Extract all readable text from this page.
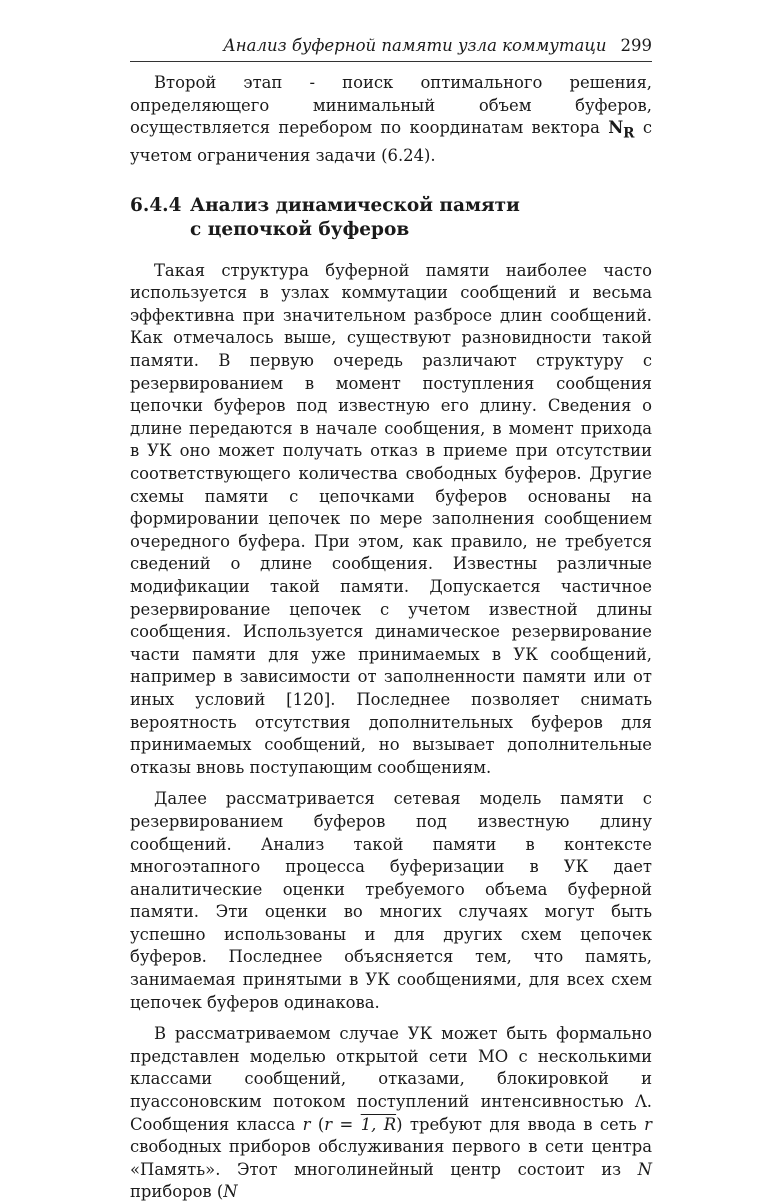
Анализ буферной памяти узла коммутаци 299

Второй этап - поиск оптимального решения, определяющего минимальный объем буферов, осуществляется перебором по координатам вектора $N_R$ с учетом ограничения задачи (6.24).

6.4.4 Анализ динамической памяти
с цепочкой буферов

Такая структура буферной памяти наиболее часто используется в узлах коммутации сообщений и весьма эффективна при значительном разбросе длин сообщений. Как отмечалось выше, существуют разновидности такой памяти. В первую очередь различают структуру с резервированием в момент поступления сообщения цепочки буферов под известную его длину. Сведения о длине передаются в начале сообщения, в момент прихода в УК оно может получать отказ в приеме при отсутствии соответствующего количества свободных буферов. Другие схемы памяти с цепочками буферов основаны на формировании цепочек по мере заполнения сообщением очередного буфера. При этом, как правило, не требуется сведений о длине сообщения. Известны различные модификации такой памяти. Допускается частичное резервирование цепочек с учетом известной длины сообщения. Используется динамическое резервирование части памяти для уже принимаемых в УК сообщений, например в зависимости от заполненности памяти или от иных условий [120]. Последнее позволяет снимать вероятность отсутствия дополнительных буферов для принимаемых сообщений, но вызывает дополнительные отказы вновь поступающим сообщениям.

Далее рассматривается сетевая модель памяти с резервированием буферов под известную длину сообщений. Анализ такой памяти в контексте многоэтапного процесса буферизации в УК дает аналитические оценки требуемого объема буферной памяти. Эти оценки во многих случаях могут быть успешно использованы и для других схем цепочек буферов. Последнее объясняется тем, что память, занимаемая принятыми в УК сообщениями, для всех схем цепочек буферов одинакова.

В рассматриваемом случае УК может быть формально представлен моделью открытой сети МО с несколькими классами сообщений, отказами, блокировкой и пуассоновским потоком поступлений интенсивностью Λ. Сообщения класса r (r = 1, R) требуют для ввода в сеть r свободных приборов обслуживания первого в сети центра «Память». Этот многолинейный центр состоит из N приборов (N
